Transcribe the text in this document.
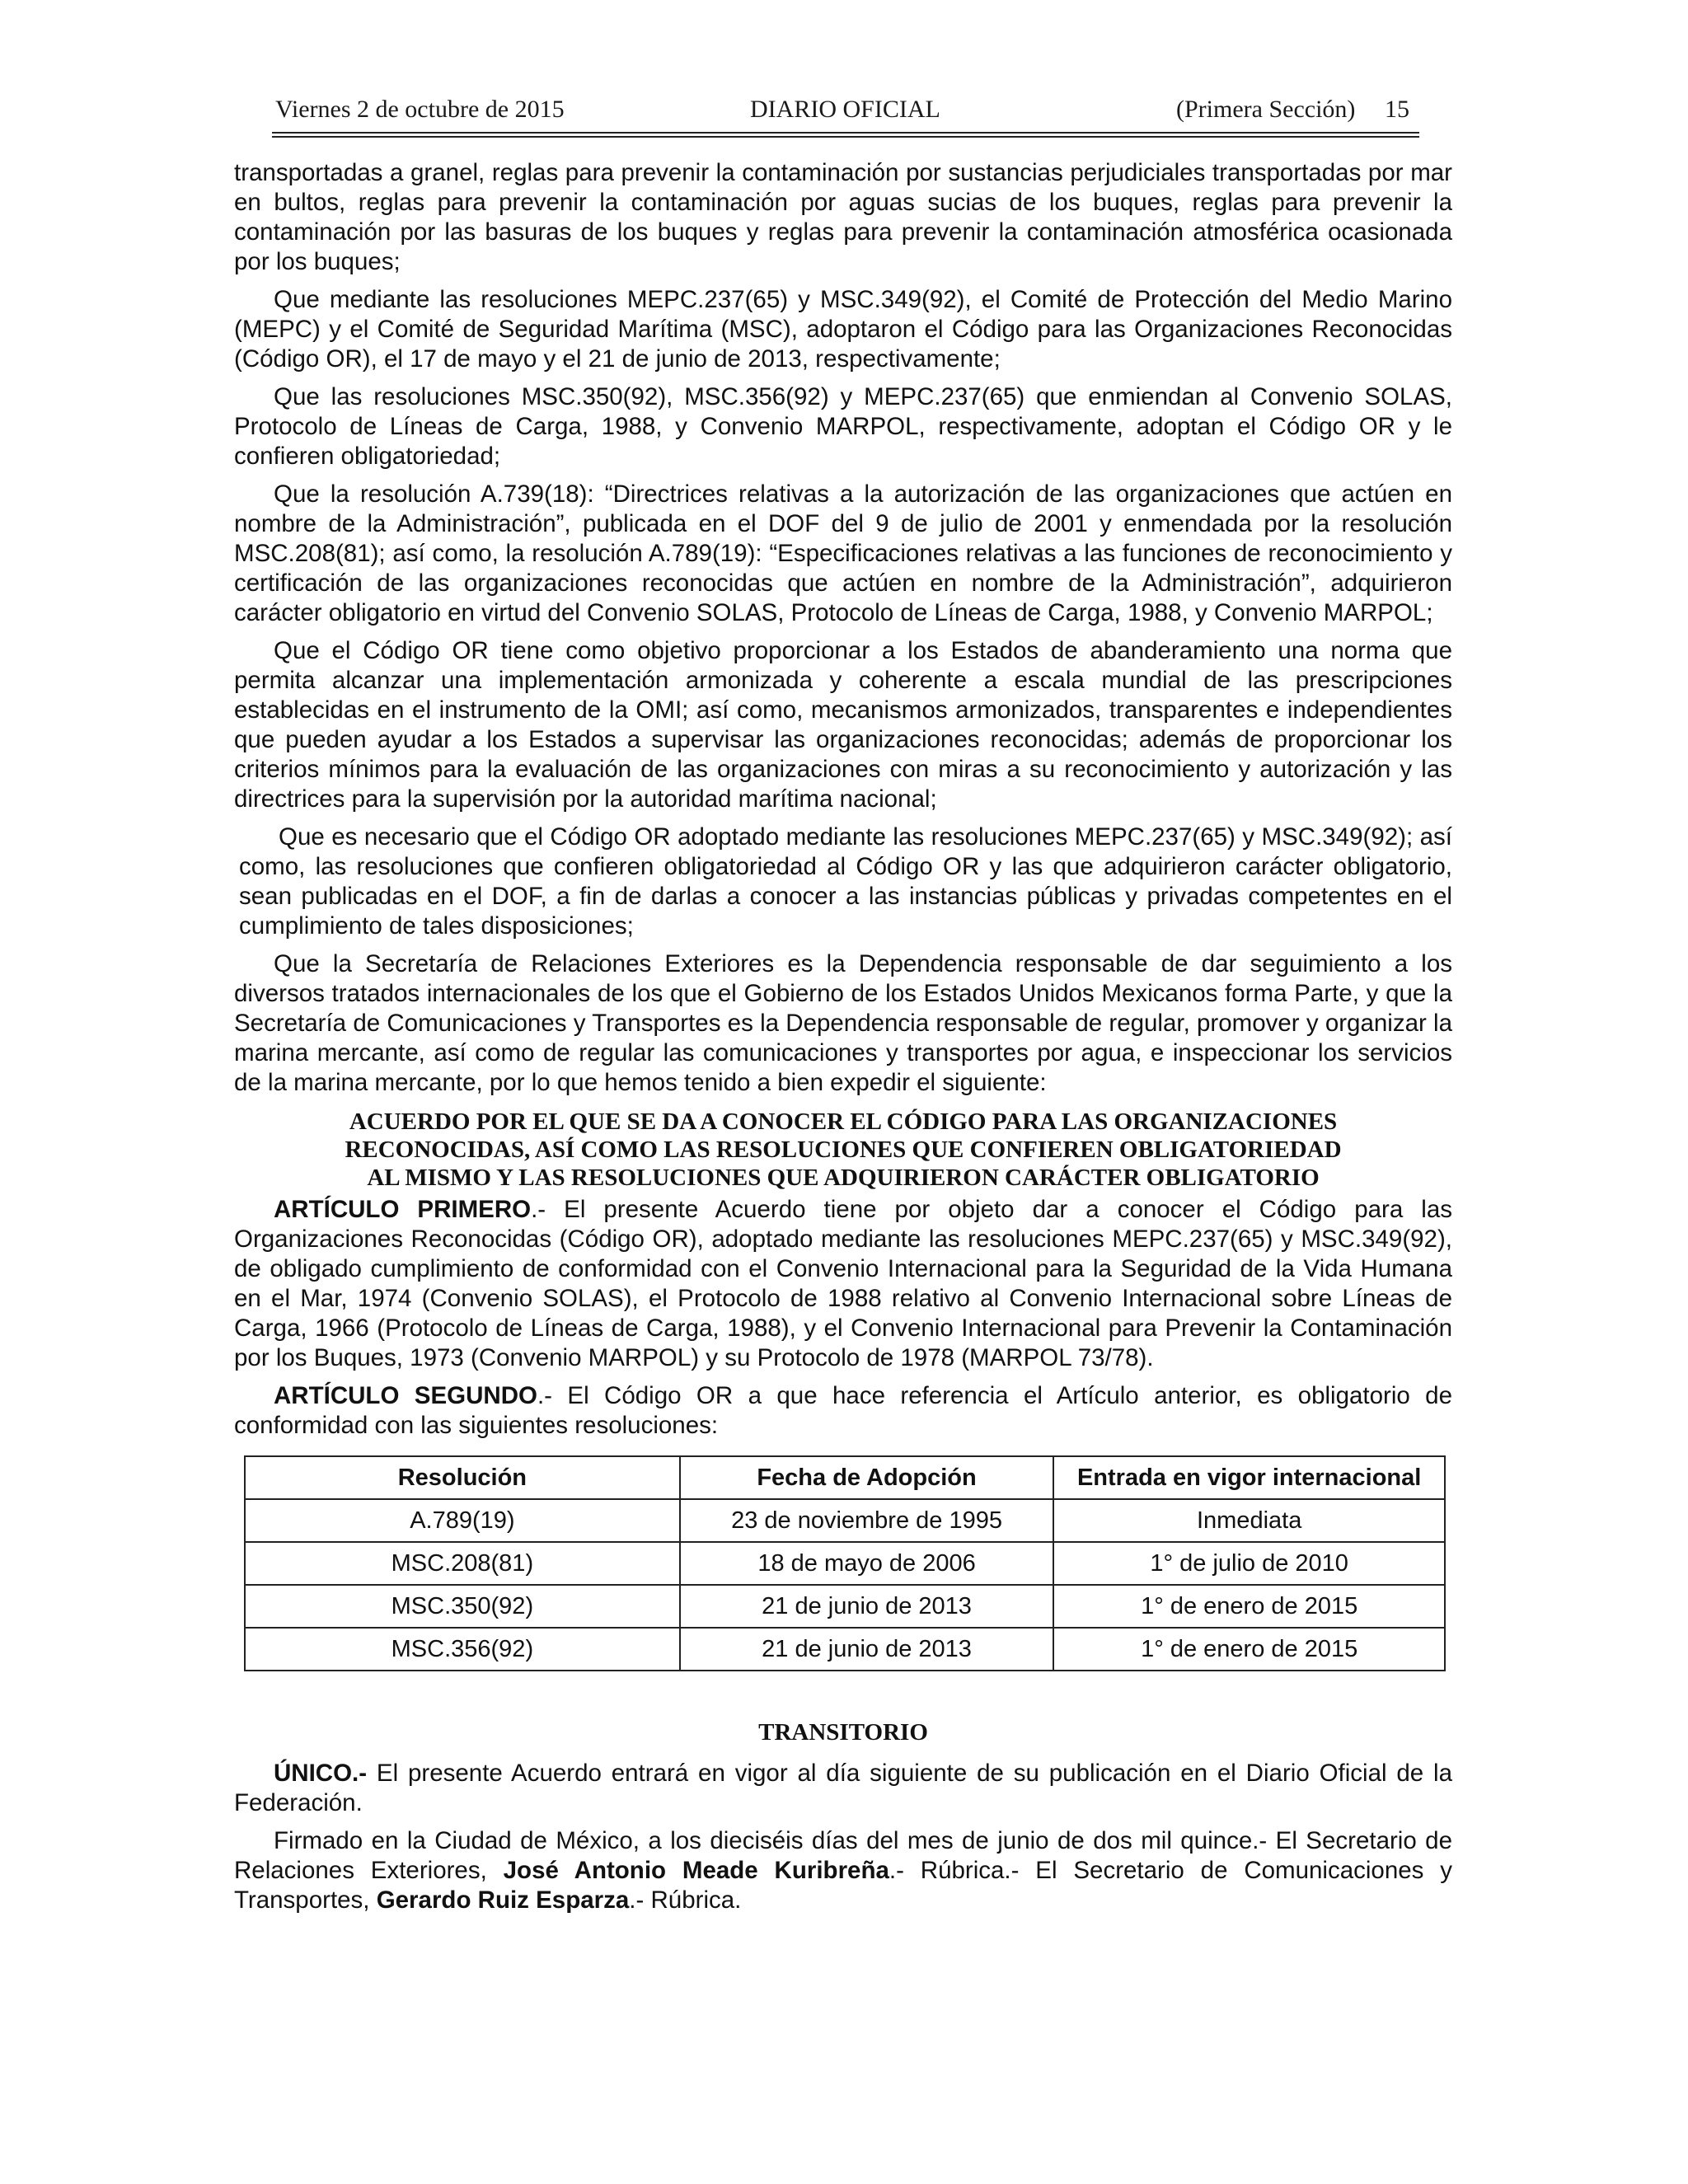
Viernes 2 de octubre de 2015	DIARIO OFICIAL	(Primera Sección) 15

transportadas a granel, reglas para prevenir la contaminación por sustancias perjudiciales transportadas por mar en bultos, reglas para prevenir la contaminación por aguas sucias de los buques, reglas para prevenir la contaminación por las basuras de los buques y reglas para prevenir la contaminación atmosférica ocasionada por los buques;

Que mediante las resoluciones MEPC.237(65) y MSC.349(92), el Comité de Protección del Medio Marino (MEPC) y el Comité de Seguridad Marítima (MSC), adoptaron el Código para las Organizaciones Reconocidas (Código OR), el 17 de mayo y el 21 de junio de 2013, respectivamente;

Que las resoluciones MSC.350(92), MSC.356(92) y MEPC.237(65) que enmiendan al Convenio SOLAS, Protocolo de Líneas de Carga, 1988, y Convenio MARPOL, respectivamente, adoptan el Código OR y le confieren obligatoriedad;

Que la resolución A.739(18): “Directrices relativas a la autorización de las organizaciones que actúen en nombre de la Administración”, publicada en el DOF del 9 de julio de 2001 y enmendada por la resolución MSC.208(81); así como, la resolución A.789(19): “Especificaciones relativas a las funciones de reconocimiento y certificación de las organizaciones reconocidas que actúen en nombre de la Administración”, adquirieron carácter obligatorio en virtud del Convenio SOLAS, Protocolo de Líneas de Carga, 1988, y Convenio MARPOL;

Que el Código OR tiene como objetivo proporcionar a los Estados de abanderamiento una norma que permita alcanzar una implementación armonizada y coherente a escala mundial de las prescripciones establecidas en el instrumento de la OMI; así como, mecanismos armonizados, transparentes e independientes que pueden ayudar a los Estados a supervisar las organizaciones reconocidas; además de proporcionar los criterios mínimos para la evaluación de las organizaciones con miras a su reconocimiento y autorización y las directrices para la supervisión por la autoridad marítima nacional;

Que es necesario que el Código OR adoptado mediante las resoluciones MEPC.237(65) y MSC.349(92); así como, las resoluciones que confieren obligatoriedad al Código OR y las que adquirieron carácter obligatorio, sean publicadas en el DOF, a fin de darlas a conocer a las instancias públicas y privadas competentes en el cumplimiento de tales disposiciones;

Que la Secretaría de Relaciones Exteriores es la Dependencia responsable de dar seguimiento a los diversos tratados internacionales de los que el Gobierno de los Estados Unidos Mexicanos forma Parte, y que la Secretaría de Comunicaciones y Transportes es la Dependencia responsable de regular, promover y organizar la marina mercante, así como de regular las comunicaciones y transportes por agua, e inspeccionar los servicios de la marina mercante, por lo que hemos tenido a bien expedir el siguiente:

ACUERDO POR EL QUE SE DA A CONOCER EL CÓDIGO PARA LAS ORGANIZACIONES
RECONOCIDAS, ASÍ COMO LAS RESOLUCIONES QUE CONFIEREN OBLIGATORIEDAD
AL MISMO Y LAS RESOLUCIONES QUE ADQUIRIERON CARÁCTER OBLIGATORIO

ARTÍCULO PRIMERO.- El presente Acuerdo tiene por objeto dar a conocer el Código para las Organizaciones Reconocidas (Código OR), adoptado mediante las resoluciones MEPC.237(65) y MSC.349(92), de obligado cumplimiento de conformidad con el Convenio Internacional para la Seguridad de la Vida Humana en el Mar, 1974 (Convenio SOLAS), el Protocolo de 1988 relativo al Convenio Internacional sobre Líneas de Carga, 1966 (Protocolo de Líneas de Carga, 1988), y el Convenio Internacional para Prevenir la Contaminación por los Buques, 1973 (Convenio MARPOL) y su Protocolo de 1978 (MARPOL 73/78).

ARTÍCULO SEGUNDO.- El Código OR a que hace referencia el Artículo anterior, es obligatorio de conformidad con las siguientes resoluciones:

Resolución	Fecha de Adopción	Entrada en vigor internacional
A.789(19)	23 de noviembre de 1995	Inmediata
MSC.208(81)	18 de mayo de 2006	1° de julio de 2010
MSC.350(92)	21 de junio de 2013	1° de enero de 2015
MSC.356(92)	21 de junio de 2013	1° de enero de 2015
TRANSITORIO

ÚNICO.- El presente Acuerdo entrará en vigor al día siguiente de su publicación en el Diario Oficial de la Federación.

Firmado en la Ciudad de México, a los dieciséis días del mes de junio de dos mil quince.- El Secretario de Relaciones Exteriores, José Antonio Meade Kuribreña.- Rúbrica.- El Secretario de Comunicaciones y Transportes, Gerardo Ruiz Esparza.- Rúbrica.
